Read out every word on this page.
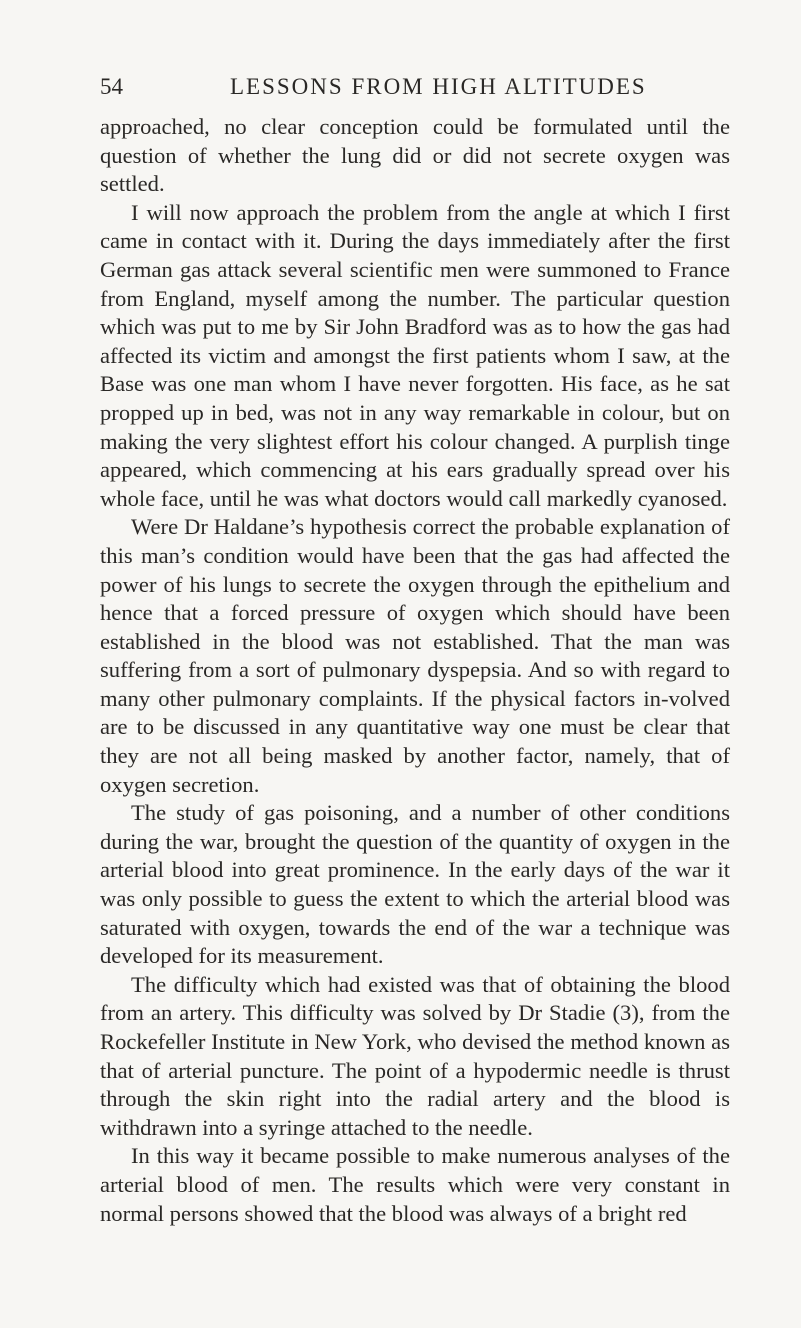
54	LESSONS FROM HIGH ALTITUDES

approached, no clear conception could be formulated until the question of whether the lung did or did not secrete oxygen was settled.

I will now approach the problem from the angle at which I first came in contact with it. During the days immediately after the first German gas attack several scientific men were summoned to France from England, myself among the number. The particular question which was put to me by Sir John Bradford was as to how the gas had affected its victim and amongst the first patients whom I saw, at the Base was one man whom I have never forgotten. His face, as he sat propped up in bed, was not in any way remarkable in colour, but on making the very slightest effort his colour changed. A purplish tinge appeared, which commencing at his ears gradually spread over his whole face, until he was what doctors would call markedly cyanosed.

Were Dr Haldane’s hypothesis correct the probable explanation of this man’s condition would have been that the gas had affected the power of his lungs to secrete the oxygen through the epithelium and hence that a forced pressure of oxygen which should have been established in the blood was not established. That the man was suffering from a sort of pulmonary dyspepsia. And so with regard to many other pulmonary complaints. If the physical factors in-volved are to be discussed in any quantitative way one must be clear that they are not all being masked by another factor, namely, that of oxygen secretion.

The study of gas poisoning, and a number of other conditions during the war, brought the question of the quantity of oxygen in the arterial blood into great prominence. In the early days of the war it was only possible to guess the extent to which the arterial blood was saturated with oxygen, towards the end of the war a technique was developed for its measurement.

The difficulty which had existed was that of obtaining the blood from an artery. This difficulty was solved by Dr Stadie (3), from the Rockefeller Institute in New York, who devised the method known as that of arterial puncture. The point of a hypodermic needle is thrust through the skin right into the radial artery and the blood is withdrawn into a syringe attached to the needle.

In this way it became possible to make numerous analyses of the arterial blood of men. The results which were very constant in normal persons showed that the blood was always of a bright red
